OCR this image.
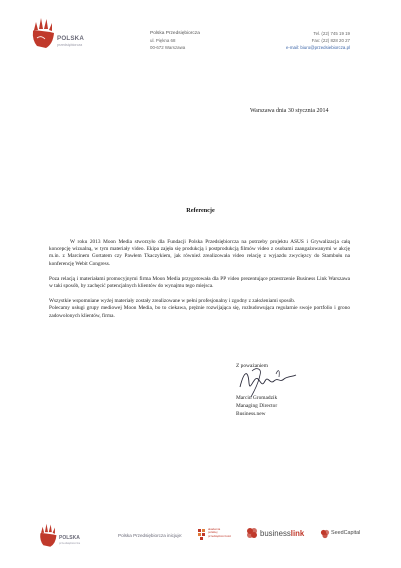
POLSKA
przedsiębiorcza
Polska Przedsiębiorcza
ul. Piękna 68
00-672 Warszawa
Tel. (22) 745 19 19
Fax: (22) 828 20 27
e-mail: biuro@przedsiebiorcza.pl
Warszawa dnia 30 stycznia 2014
Referencje

W roku 2013 Moon Media stworzyło dla Fundacji Polska Przedsiębiorcza na potrzeby projektu ASUS i Grywalizacja całą koncepcję wizualną, w tym materiały video. Ekipa zajęła się produkcją i postprodukcją filmów video z osobami zaangażowanymi w akcję m.in. z Marcinem Gortatem czy Pawłem Tkaczykiem, jak również zrealizowała video relację z wyjazdu zwycięzcy do Stambułu na konferencję Webit Congress.

Poza relacją i materiałami promocyjnymi firma Moon Media przygotowała dla PP video prezentujące przestrzenie Business Link Warszawa w taki sposób, by zachęcić potencjalnych klientów do wynajmu tego miejsca.

Wszystkie wspomniane wyżej materiały zostały zrealizowane w pełni profesjonalny i zgodny z założeniami sposób.

Polecamy usługi grupy mediowej Moon Media, bo to ciekawa, prężnie rozwijająca się, rozbudowująca regularnie swoje portfolio i grono zadowolonych klientów, firma.

Z poważaniem
Marcin Gromadzik
Managing Director
Business.new
POLSKA
przedsiębiorcza
Polska Przedsiębiorcza inicjuje:
akademia
polskiej
przedsiębiorczości	businesslink	SeedCapital
